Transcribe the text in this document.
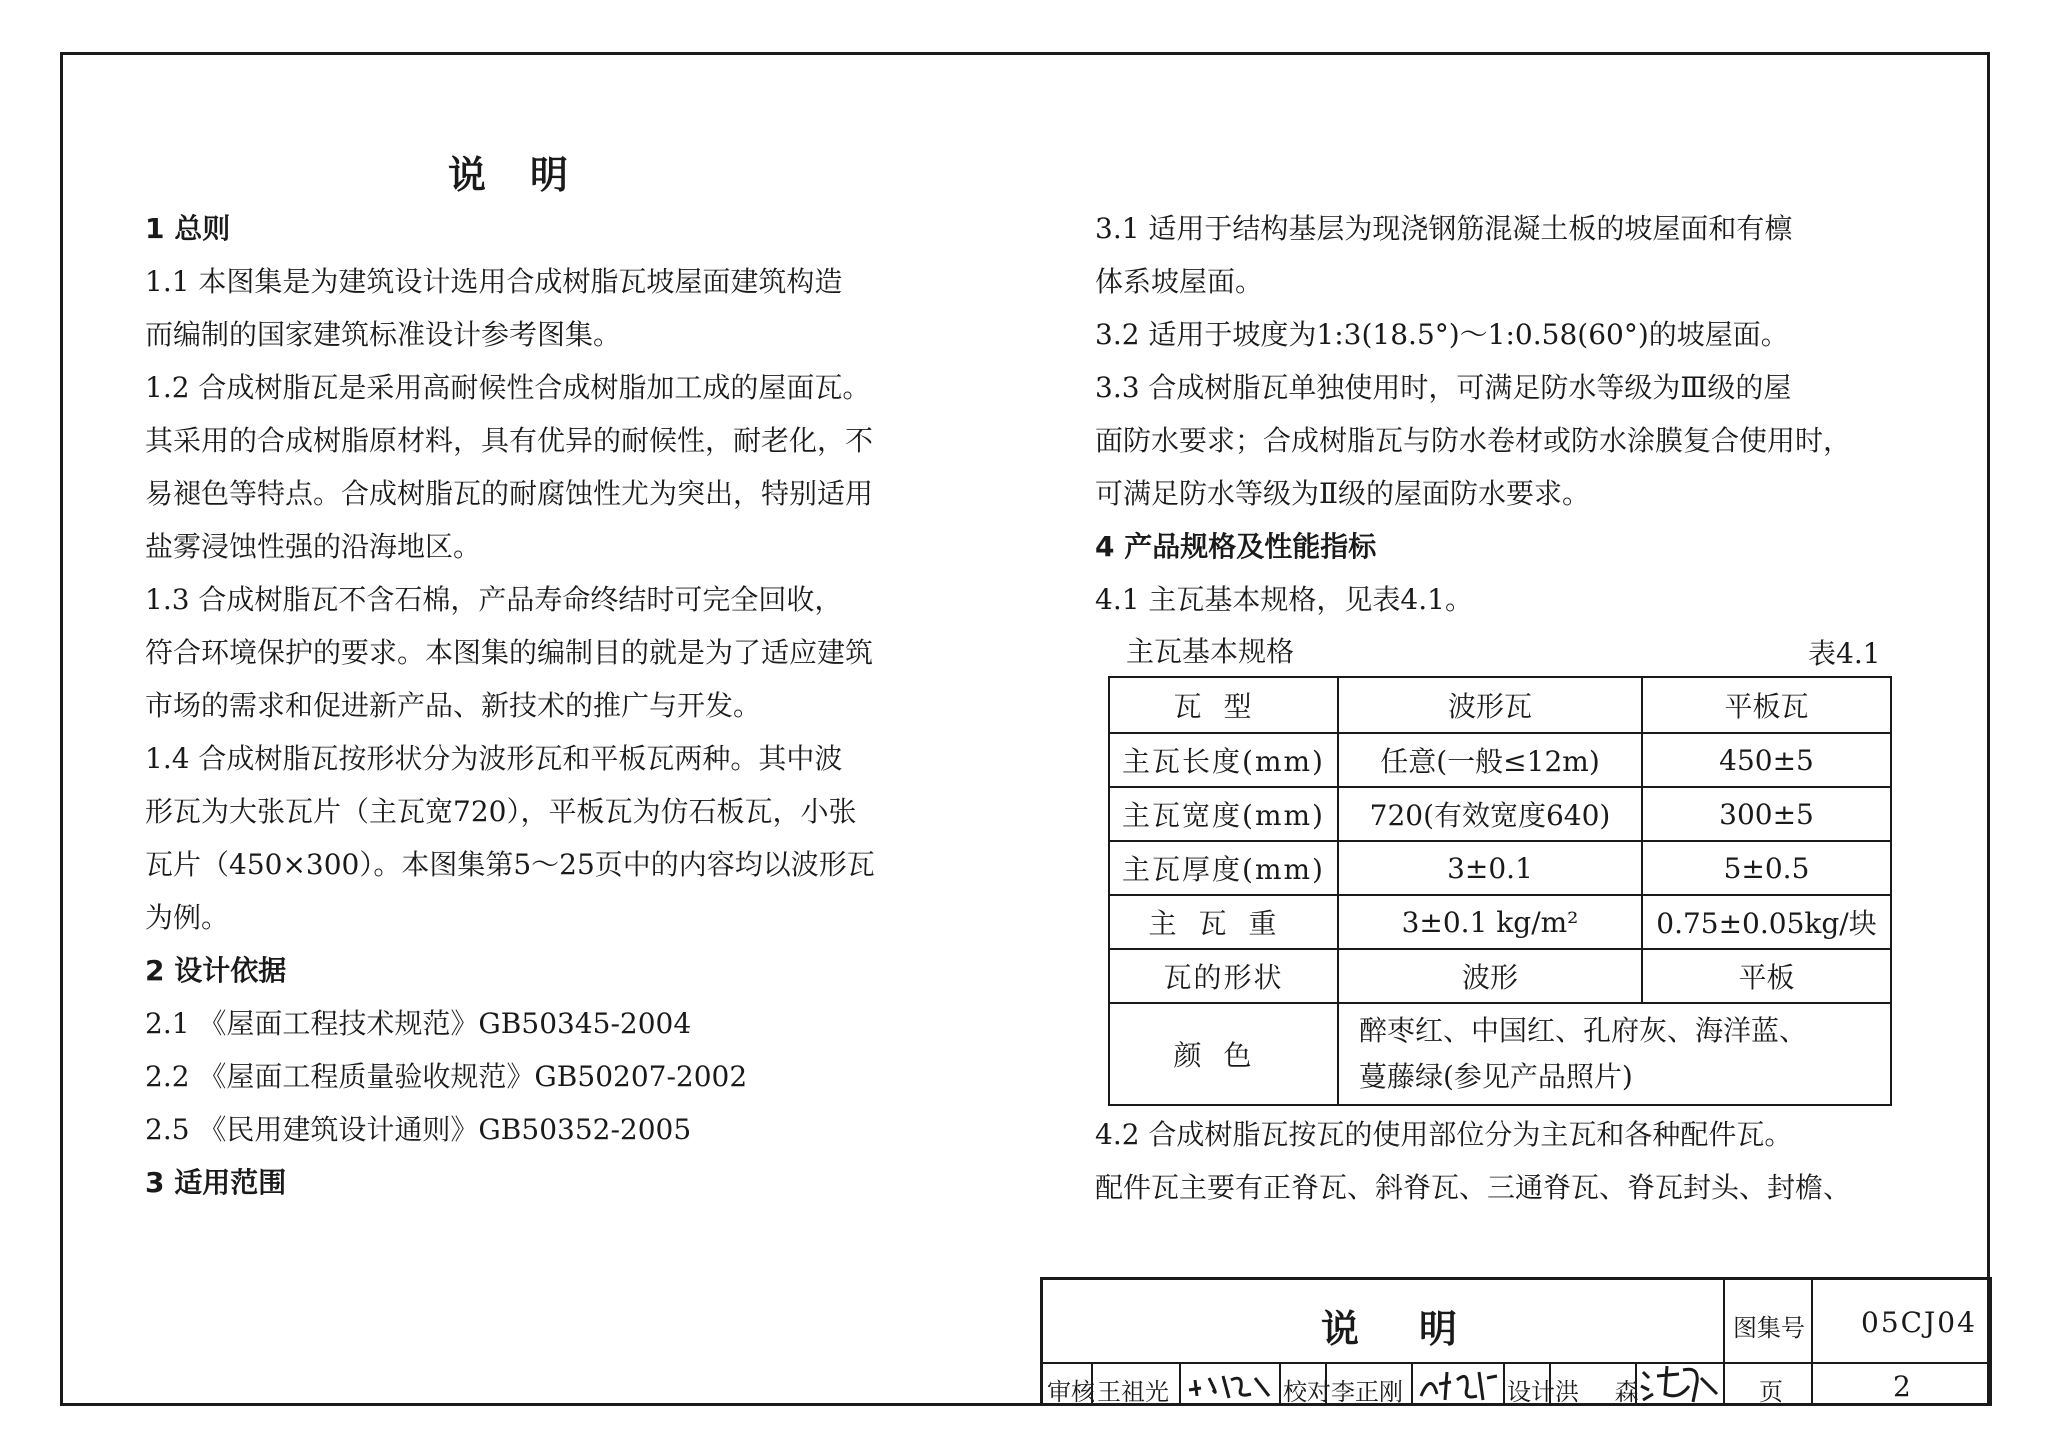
说明

1 总则

1.1 本图集是为建筑设计选用合成树脂瓦坡屋面建筑构造

而编制的国家建筑标准设计参考图集。

1.2 合成树脂瓦是采用高耐候性合成树脂加工成的屋面瓦。

其采用的合成树脂原材料，具有优异的耐候性，耐老化，不

易褪色等特点。合成树脂瓦的耐腐蚀性尤为突出，特别适用

盐雾浸蚀性强的沿海地区。

1.3 合成树脂瓦不含石棉，产品寿命终结时可完全回收，

符合环境保护的要求。本图集的编制目的就是为了适应建筑

市场的需求和促进新产品、新技术的推广与开发。

1.4 合成树脂瓦按形状分为波形瓦和平板瓦两种。其中波

形瓦为大张瓦片（主瓦宽720），平板瓦为仿石板瓦，小张

瓦片（450×300）。本图集第5～25页中的内容均以波形瓦

为例。

2 设计依据

2.1 《屋面工程技术规范》GB50345-2004

2.2 《屋面工程质量验收规范》GB50207-2002

2.5 《民用建筑设计通则》GB50352-2005

3 适用范围

3.1 适用于结构基层为现浇钢筋混凝土板的坡屋面和有檩

体系坡屋面。

3.2 适用于坡度为1:3(18.5°)～1:0.58(60°)的坡屋面。

3.3 合成树脂瓦单独使用时，可满足防水等级为Ⅲ级的屋

面防水要求；合成树脂瓦与防水卷材或防水涂膜复合使用时，

可满足防水等级为Ⅱ级的屋面防水要求。

4 产品规格及性能指标

4.1 主瓦基本规格，见表4.1。

主瓦基本规格	表4.1
瓦型	波形瓦	平板瓦
主瓦长度(mm)	任意(一般≤12m)	450±5
主瓦宽度(mm)	720(有效宽度640)	300±5
主瓦厚度(mm)	3±0.1	5±0.5
主瓦重	3±0.1 kg/m²	0.75±0.05kg/块
瓦的形状	波形	平板
颜色	醉枣红、中国红、孔府灰、海洋蓝、
蔓藤绿(参见产品照片)	

4.2 合成树脂瓦按瓦的使用部位分为主瓦和各种配件瓦。

配件瓦主要有正脊瓦、斜脊瓦、三通脊瓦、脊瓦封头、封檐、

说明	图集号 05CJ04
审核 王祖光	校对 李正刚	设计 洪 森	页	2
